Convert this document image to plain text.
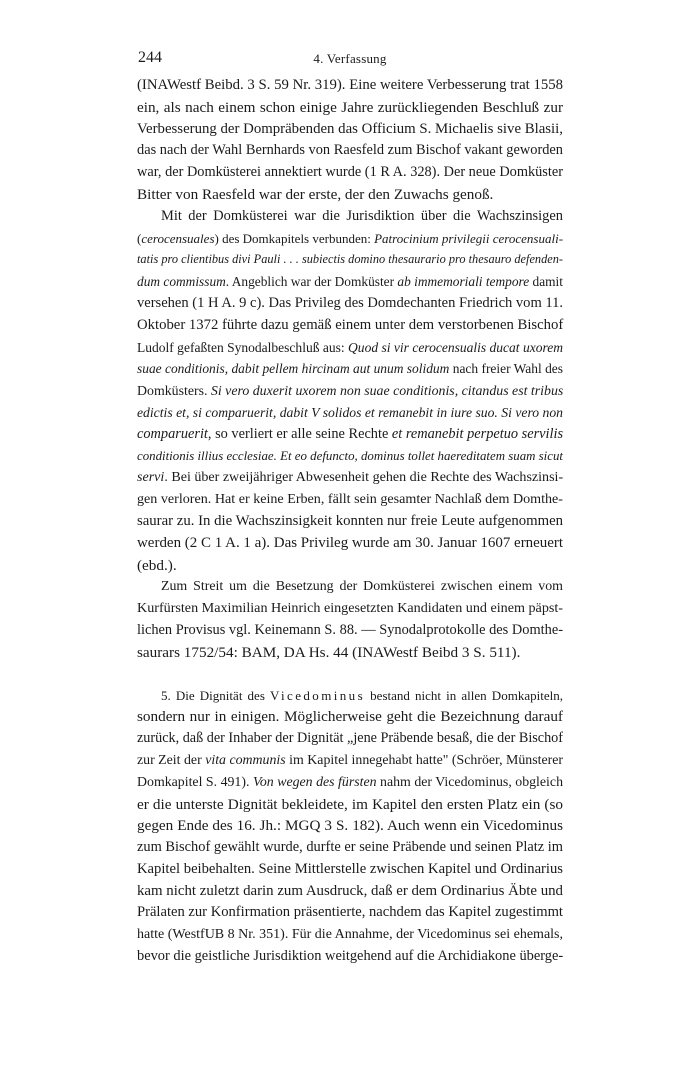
244	4. Verfassung

(INAWestf Beibd. 3 S. 59 Nr. 319). Eine weitere Verbesserung trat 1558
ein, als nach einem schon einige Jahre zurückliegenden Beschluß zur
Verbesserung der Dompräbenden das Officium S. Michaelis sive Blasii,
das nach der Wahl Bernhards von Raesfeld zum Bischof vakant geworden
war, der Domküsterei annektiert wurde (1 R A. 328). Der neue Domküster
Bitter von Raesfeld war der erste, der den Zuwachs genoß.

Mit der Domküsterei war die Jurisdiktion über die Wachszinsigen
(cerocensuales) des Domkapitels verbunden: Patrocinium privilegii cerocensuali-
tatis pro clientibus divi Pauli . . . subiectis domino thesaurario pro thesauro defenden-
dum commissum. Angeblich war der Domküster ab immemoriali tempore damit
versehen (1 H A. 9 c). Das Privileg des Domdechanten Friedrich vom 11.
Oktober 1372 führte dazu gemäß einem unter dem verstorbenen Bischof
Ludolf gefaßten Synodalbeschluß aus: Quod si vir cerocensualis ducat uxorem
suae conditionis, dabit pellem hircinam aut unum solidum nach freier Wahl des
Domküsters. Si vero duxerit uxorem non suae conditionis, citandus est tribus
edictis et, si comparuerit, dabit V solidos et remanebit in iure suo. Si vero non
comparuerit, so verliert er alle seine Rechte et remanebit perpetuo servilis
conditionis illius ecclesiae. Et eo defuncto, dominus tollet haereditatem suam sicut
servi. Bei über zweijähriger Abwesenheit gehen die Rechte des Wachszinsi-
gen verloren. Hat er keine Erben, fällt sein gesamter Nachlaß dem Domthe-
saurar zu. In die Wachszinsigkeit konnten nur freie Leute aufgenommen
werden (2 C 1 A. 1 a). Das Privileg wurde am 30. Januar 1607 erneuert
(ebd.).

Zum Streit um die Besetzung der Domküsterei zwischen einem vom
Kurfürsten Maximilian Heinrich eingesetzten Kandidaten und einem päpst-
lichen Provisus vgl. Keinemann S. 88. — Synodalprotokolle des Domthe-
saurars 1752/54: BAM, DA Hs. 44 (INAWestf Beibd 3 S. 511).

5. Die Dignität des Vicedominus bestand nicht in allen Domkapiteln,
sondern nur in einigen. Möglicherweise geht die Bezeichnung darauf
zurück, daß der Inhaber der Dignität „jene Präbende besaß, die der Bischof
zur Zeit der vita communis im Kapitel innegehabt hatte" (Schröer, Münsterer
Domkapitel S. 491). Von wegen des fürsten nahm der Vicedominus, obgleich
er die unterste Dignität bekleidete, im Kapitel den ersten Platz ein (so
gegen Ende des 16. Jh.: MGQ 3 S. 182). Auch wenn ein Vicedominus
zum Bischof gewählt wurde, durfte er seine Präbende und seinen Platz im
Kapitel beibehalten. Seine Mittlerstelle zwischen Kapitel und Ordinarius
kam nicht zuletzt darin zum Ausdruck, daß er dem Ordinarius Äbte und
Prälaten zur Konfirmation präsentierte, nachdem das Kapitel zugestimmt
hatte (WestfUB 8 Nr. 351). Für die Annahme, der Vicedominus sei ehemals,
bevor die geistliche Jurisdiktion weitgehend auf die Archidiakone überge-
